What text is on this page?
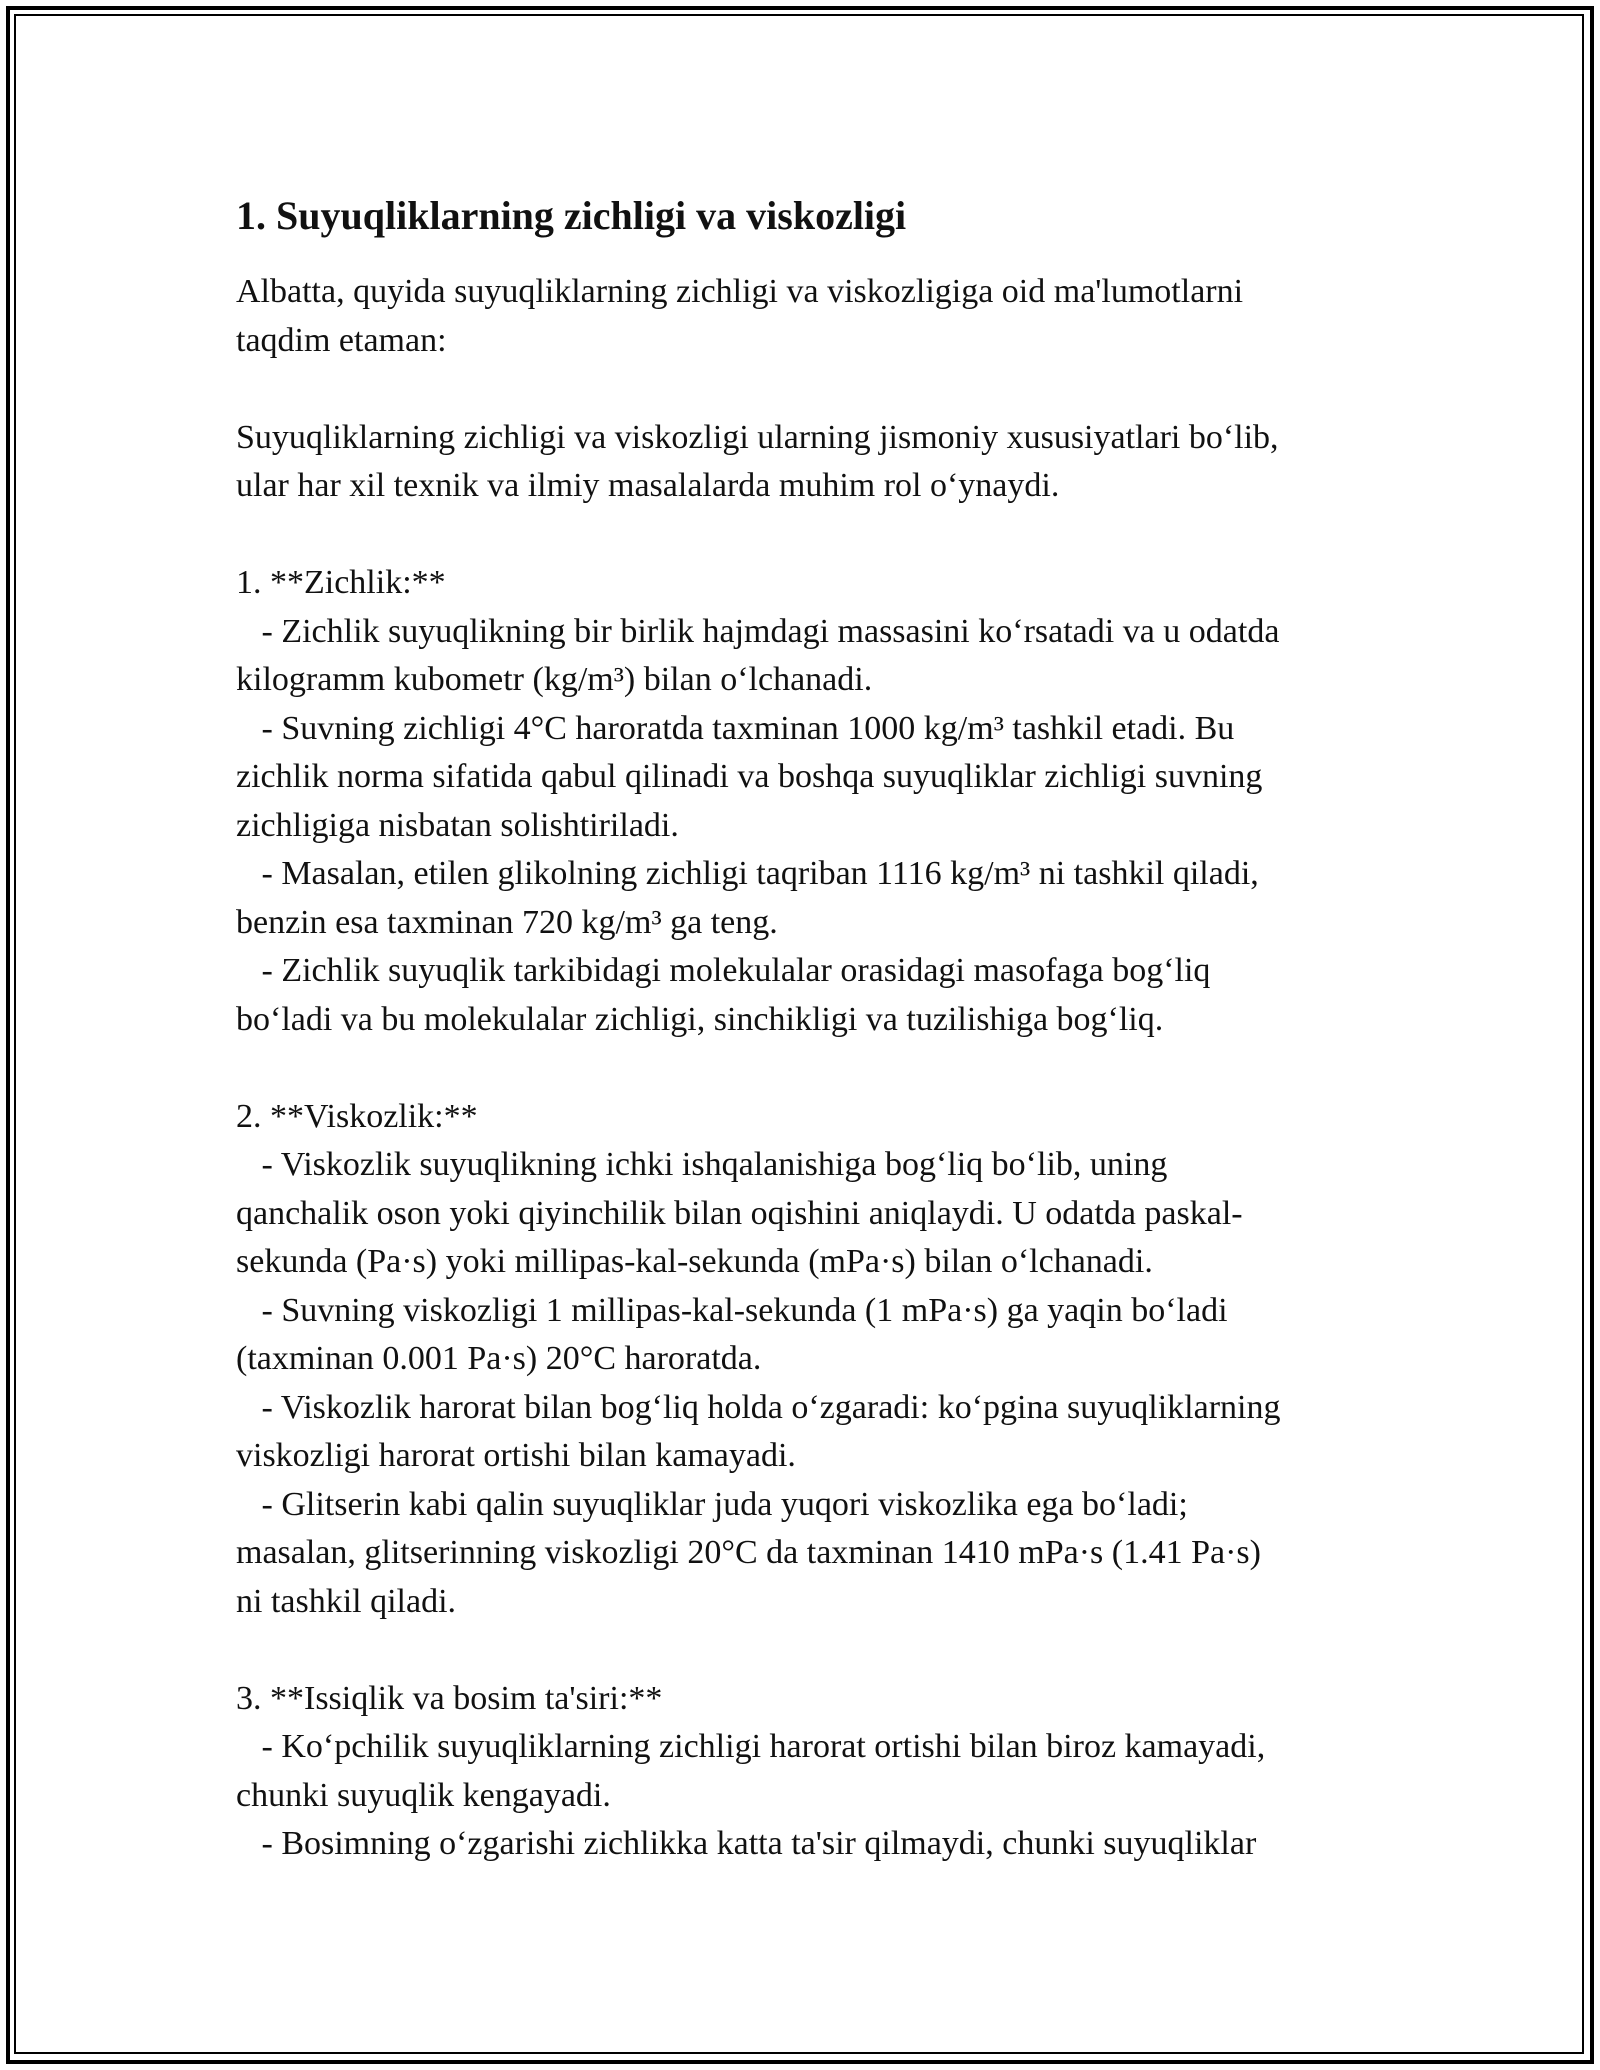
1. Suyuqliklarning zichligi va viskozligi

Albatta, quyida suyuqliklarning zichligi va viskozligiga oid ma'lumotlarni

taqdim etaman:

Suyuqliklarning zichligi va viskozligi ularning jismoniy xususiyatlari bo‘lib,

ular har xil texnik va ilmiy masalalarda muhim rol o‘ynaydi.

1. **Zichlik:**

- Zichlik suyuqlikning bir birlik hajmdagi massasini ko‘rsatadi va u odatda

kilogramm kubometr (kg/m³) bilan o‘lchanadi.

- Suvning zichligi 4°C haroratda taxminan 1000 kg/m³ tashkil etadi. Bu

zichlik norma sifatida qabul qilinadi va boshqa suyuqliklar zichligi suvning

zichligiga nisbatan solishtiriladi.

- Masalan, etilen glikolning zichligi taqriban 1116 kg/m³ ni tashkil qiladi,

benzin esa taxminan 720 kg/m³ ga teng.

- Zichlik suyuqlik tarkibidagi molekulalar orasidagi masofaga bog‘liq

bo‘ladi va bu molekulalar zichligi, sinchikligi va tuzilishiga bog‘liq.

2. **Viskozlik:**

- Viskozlik suyuqlikning ichki ishqalanishiga bog‘liq bo‘lib, uning

qanchalik oson yoki qiyinchilik bilan oqishini aniqlaydi. U odatda paskal-

sekunda (Pa·s) yoki millipas-kal-sekunda (mPa·s) bilan o‘lchanadi.

- Suvning viskozligi 1 millipas-kal-sekunda (1 mPa·s) ga yaqin bo‘ladi

(taxminan 0.001 Pa·s) 20°C haroratda.

- Viskozlik harorat bilan bog‘liq holda o‘zgaradi: ko‘pgina suyuqliklarning

viskozligi harorat ortishi bilan kamayadi.

- Glitserin kabi qalin suyuqliklar juda yuqori viskozlika ega bo‘ladi;

masalan, glitserinning viskozligi 20°C da taxminan 1410 mPa·s (1.41 Pa·s)

ni tashkil qiladi.

3. **Issiqlik va bosim ta'siri:**

- Ko‘pchilik suyuqliklarning zichligi harorat ortishi bilan biroz kamayadi,

chunki suyuqlik kengayadi.

- Bosimning o‘zgarishi zichlikka katta ta'sir qilmaydi, chunki suyuqliklar
